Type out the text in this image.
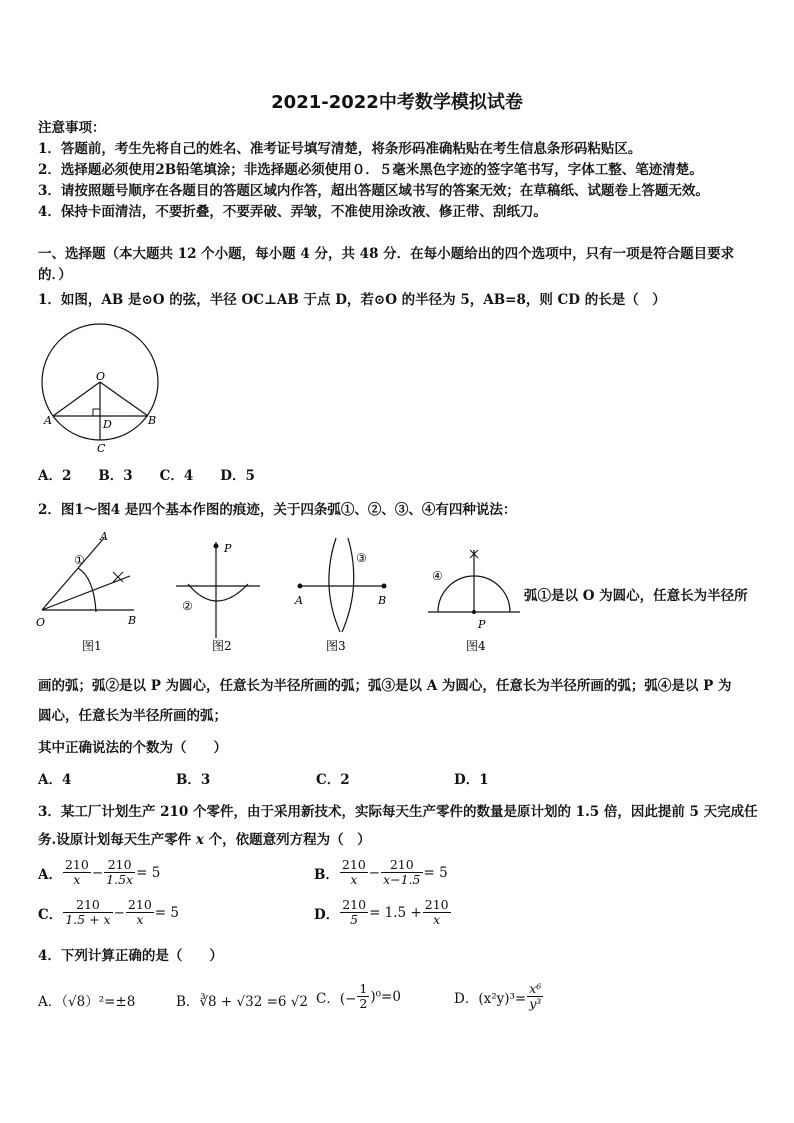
2021-2022中考数学模拟试卷
注意事项：
1．答题前，考生先将自己的姓名、准考证号填写清楚，将条形码准确粘贴在考生信息条形码粘贴区。
2．选择题必须使用2B铅笔填涂；非选择题必须使用０．５毫米黑色字迹的签字笔书写，字体工整、笔迹清楚。
3．请按照题号顺序在各题目的答题区域内作答，超出答题区域书写的答案无效；在草稿纸、试题卷上答题无效。
4．保持卡面清洁，不要折叠，不要弄破、弄皱，不准使用涂改液、修正带、刮纸刀。
一、选择题（本大题共 12 个小题，每小题 4 分，共 48 分．在每小题给出的四个选项中，只有一项是符合题目要求
的．）
1．如图，AB 是⊙O 的弦，半径 OC⊥AB 于点 D，若⊙O 的半径为 5，AB=8，则 CD 的长是（　）
O
A	B
D
C
A．2　　B．3　　C．4　　D．5
2．图1～图4 是四个基本作图的痕迹，关于四条弧①、②、③、④有四种说法：
A
①
O	B
图1
P
②
图2
③
A	B
图3
④
P
图4
弧①是以 O 为圆心，任意长为半径所
画的弧；弧②是以 P 为圆心，任意长为半径所画的弧；弧③是以 A 为圆心，任意长为半径所画的弧；弧④是以 P 为
圆心，任意长为半径所画的弧；
其中正确说法的个数为（　　）
A．4	B．3	C．2	D．1
3．某工厂计划生产 210 个零件，由于采用新技术，实际每天生产零件的数量是原计划的 1.5 倍，因此提前 5 天完成任
务.设原计划每天生产零件 x 个，依题意列方程为（　）
A． $\frac{210}{x} - \frac{210}{1.5x} = 5$	B． $\frac{210}{x} - \frac{210}{x-1.5} = 5$
C． $\frac{210}{1.5 + x} - \frac{210}{x} = 5$	D． $\frac{210}{5} = 1.5 + \frac{210}{x}$
4．下列计算正确的是（　　）
A．（√8）²=±8	B．∛8 + √32 =6 √2 C．(− $\frac{1}{2} )^0=0$	D．$(x^2y)^3= \frac{\text{x⁶}}{\text{y³}}$
